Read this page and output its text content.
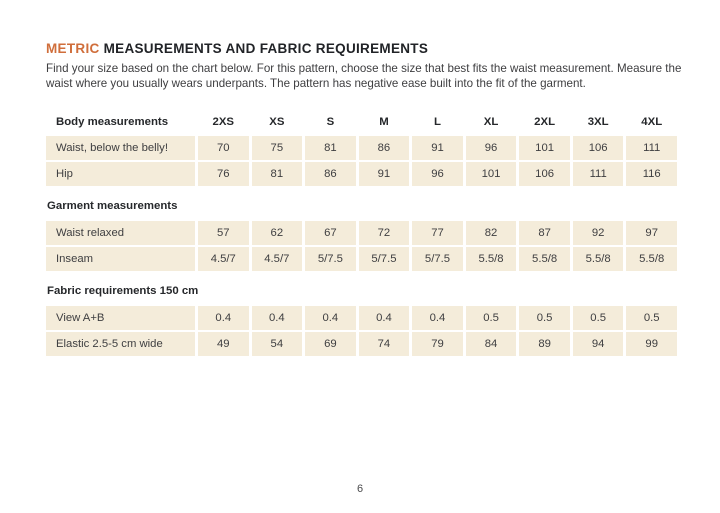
METRIC MEASUREMENTS AND FABRIC REQUIREMENTS
Find your size based on the chart below. For this pattern, choose the size that best fits the waist measurement. Measure the waist where you usually wears underpants. The pattern has negative ease built into the fit of the garment.
Body measurements	2XS	XS	S	M	L	XL	2XL	3XL	4XL
Waist, below the belly!	70	75	81	86	91	96	101	106	111
Hip	76	81	86	91	96	101	106	111	116
Garment measurements
Waist relaxed	57	62	67	72	77	82	87	92	97
Inseam	4.5/7	4.5/7	5/7.5	5/7.5	5/7.5	5.5/8	5.5/8	5.5/8	5.5/8
Fabric requirements 150 cm
View A+B	0.4	0.4	0.4	0.4	0.4	0.5	0.5	0.5	0.5
Elastic 2.5-5 cm wide	49	54	69	74	79	84	89	94	99
6
